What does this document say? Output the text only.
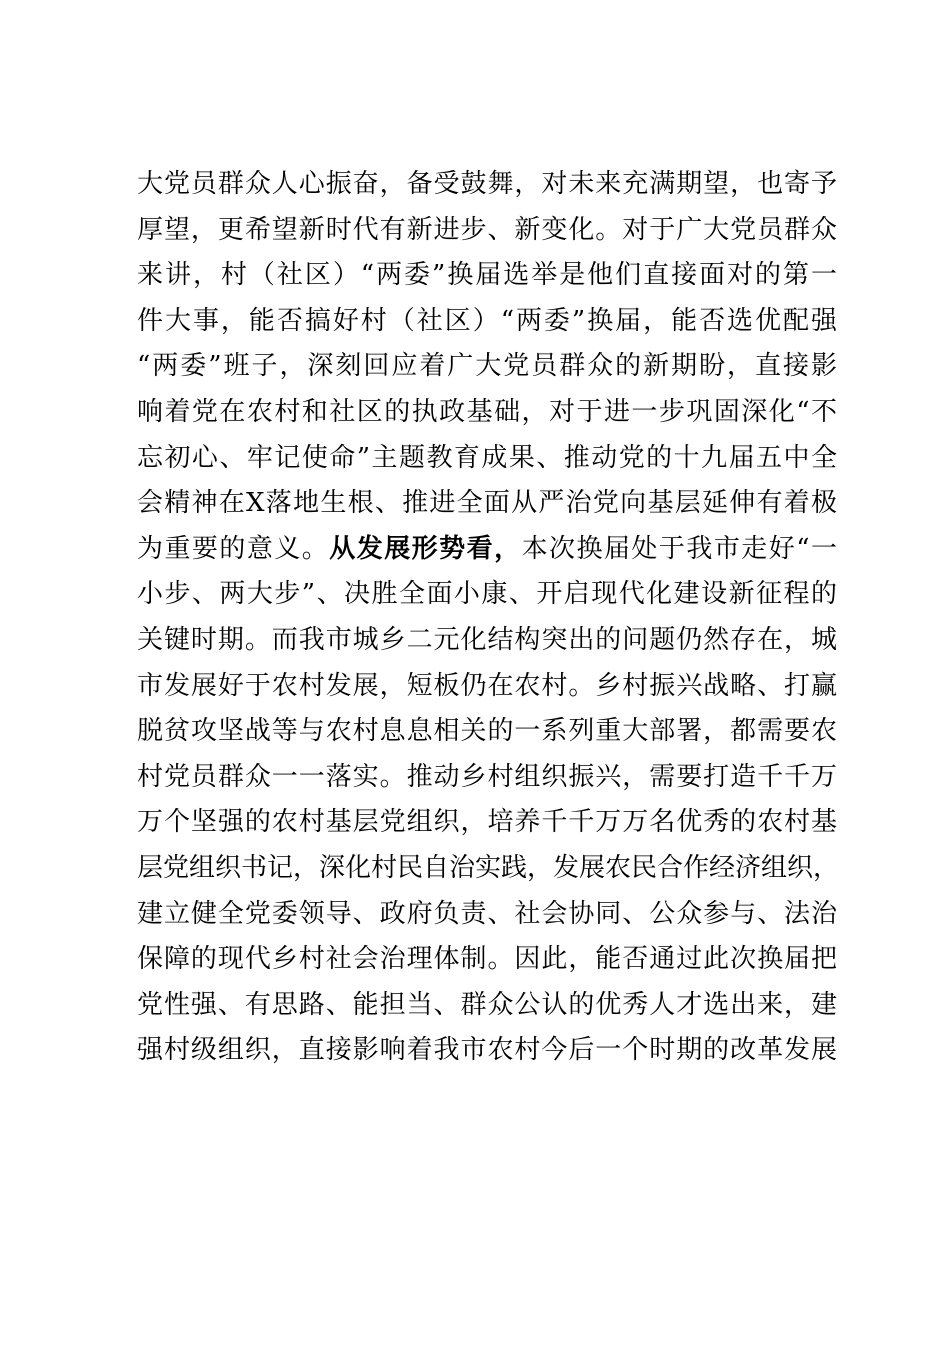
大党员群众人心振奋，备受鼓舞，对未来充满期望，也寄予
厚望，更希望新时代有新进步、新变化。对于广大党员群众
来讲，村（社区）“两委”换届选举是他们直接面对的第一
件大事，能否搞好村（社区）“两委”换届，能否选优配强
“两委”班子，深刻回应着广大党员群众的新期盼，直接影
响着党在农村和社区的执政基础，对于进一步巩固深化“不
忘初心、牢记使命”主题教育成果、推动党的十九届五中全
会精神在X落地生根、推进全面从严治党向基层延伸有着极
为重要的意义。从发展形势看，本次换届处于我市走好“一
小步、两大步”、决胜全面小康、开启现代化建设新征程的
关键时期。而我市城乡二元化结构突出的问题仍然存在，城
市发展好于农村发展，短板仍在农村。乡村振兴战略、打赢
脱贫攻坚战等与农村息息相关的一系列重大部署，都需要农
村党员群众一一落实。推动乡村组织振兴，需要打造千千万
万个坚强的农村基层党组织，培养千千万万名优秀的农村基
层党组织书记，深化村民自治实践，发展农民合作经济组织，
建立健全党委领导、政府负责、社会协同、公众参与、法治
保障的现代乡村社会治理体制。因此，能否通过此次换届把
党性强、有思路、能担当、群众公认的优秀人才选出来，建
强村级组织，直接影响着我市农村今后一个时期的改革发展
